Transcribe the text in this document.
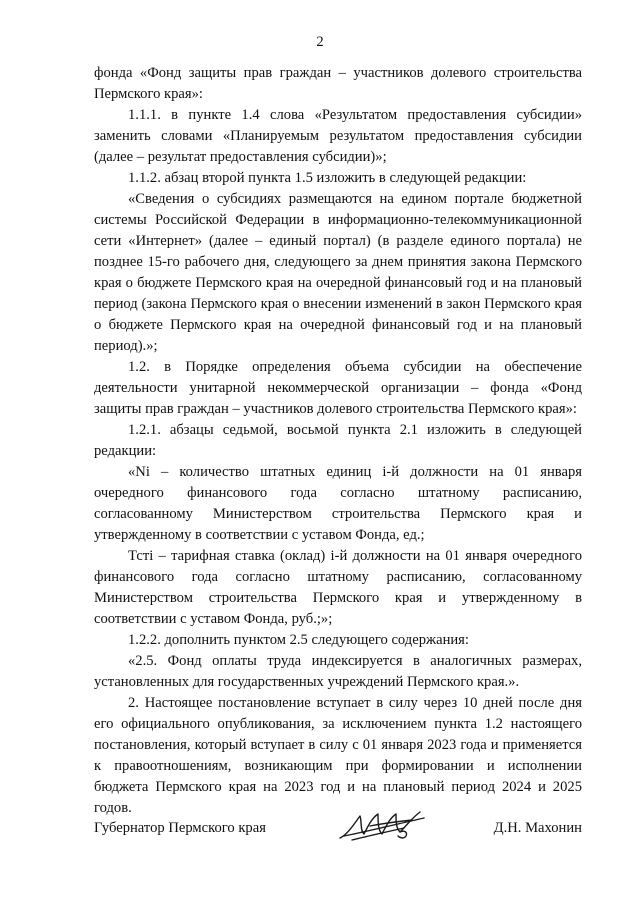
2

фонда «Фонд защиты прав граждан – участников долевого строительства Пермского края»:

1.1.1. в пункте 1.4 слова «Результатом предоставления субсидии» заменить словами «Планируемым результатом предоставления субсидии (далее – результат предоставления субсидии)»;

1.1.2. абзац второй пункта 1.5 изложить в следующей редакции:

«Сведения о субсидиях размещаются на едином портале бюджетной системы Российской Федерации в информационно-телекоммуникационной сети «Интернет» (далее – единый портал) (в разделе единого портала) не позднее 15-го рабочего дня, следующего за днем принятия закона Пермского края о бюджете Пермского края на очередной финансовый год и на плановый период (закона Пермского края о внесении изменений в закон Пермского края о бюджете Пермского края на очередной финансовый год и на плановый период).»;

1.2. в Порядке определения объема субсидии на обеспечение деятельности унитарной некоммерческой организации – фонда «Фонд защиты прав граждан – участников долевого строительства Пермского края»:

1.2.1. абзацы седьмой, восьмой пункта 2.1 изложить в следующей редакции:

«Ni – количество штатных единиц i-й должности на 01 января очередного финансового года согласно штатному расписанию, согласованному Министерством строительства Пермского края и утвержденному в соответствии с уставом Фонда, ед.;

Тсті – тарифная ставка (оклад) i-й должности на 01 января очередного финансового года согласно штатному расписанию, согласованному Министерством строительства Пермского края и утвержденному в соответствии с уставом Фонда, руб.;»;

1.2.2. дополнить пунктом 2.5 следующего содержания:

«2.5. Фонд оплаты труда индексируется в аналогичных размерах, установленных для государственных учреждений Пермского края.».

2. Настоящее постановление вступает в силу через 10 дней после дня его официального опубликования, за исключением пункта 1.2 настоящего постановления, который вступает в силу с 01 января 2023 года и применяется к правоотношениям, возникающим при формировании и исполнении бюджета Пермского края на 2023 год и на плановый период 2024 и 2025 годов.

Губернатор Пермского края	Д.Н. Махонин
